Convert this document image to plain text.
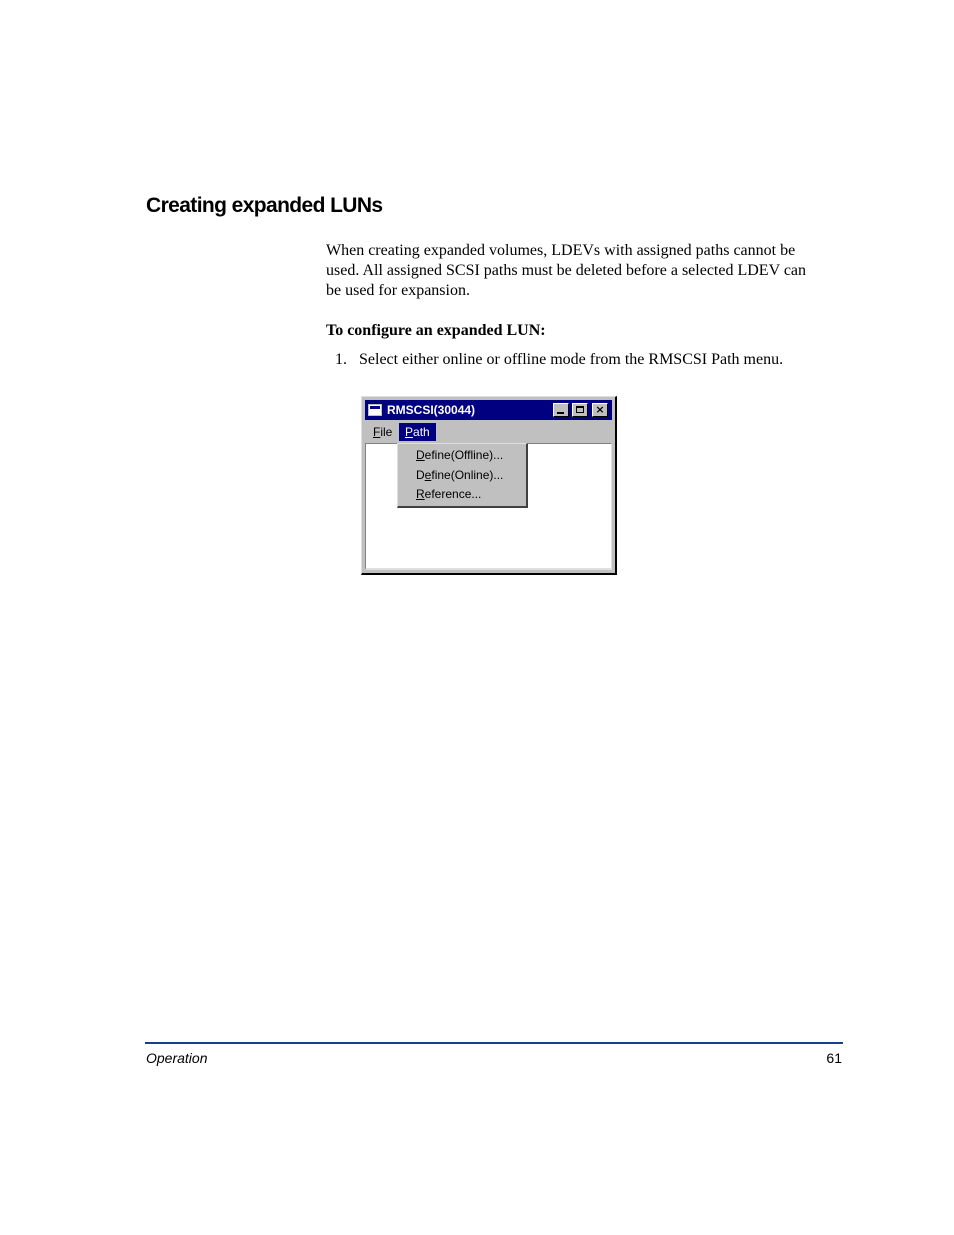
Creating expanded LUNs

When creating expanded volumes, LDEVs with assigned paths cannot be
used. All assigned SCSI paths must be deleted before a selected LDEV can
be used for expansion.

To configure an expanded LUN:

1. Select either online or offline mode from the RMSCSI Path menu.
RMSCSI(30044)	×
File	Path
Define(Offline)...
Define(Online)...
Reference...
Operation	61
